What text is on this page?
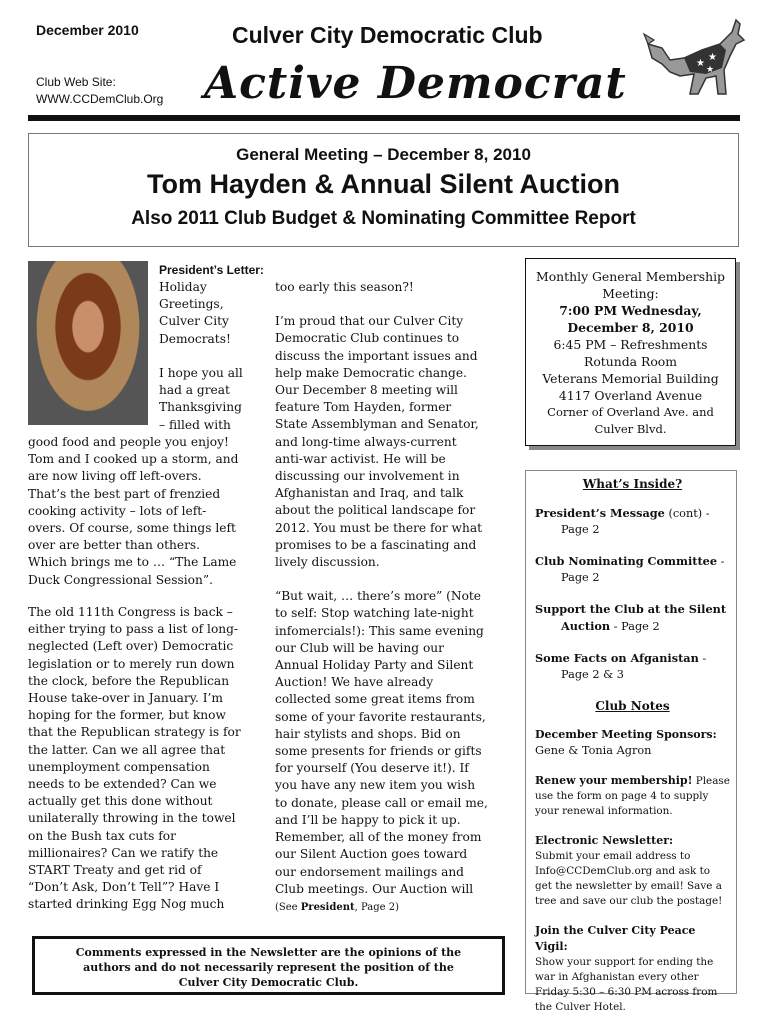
December 2010	Culver City Democratic Club
Club Web Site:
WWW.CCDemClub.Org Active Democrat	★
★
★
General Meeting – December 8, 2010
Tom Hayden & Annual Silent Auction
Also 2011 Club Budget & Nominating Committee Report
President’s Letter:
Holiday
Greetings,
Culver City
Democrats!

I hope you all
had a great
Thanksgiving
– filled with
good food and people you enjoy!
Tom and I cooked up a storm, and
are now living off left-overs.
That’s the best part of frenzied
cooking activity – lots of left-
overs. Of course, some things left
over are better than others.
Which brings me to … “The Lame
Duck Congressional Session”.
The old 111th Congress is back –
either trying to pass a list of long-
neglected (Left over) Democratic
legislation or to merely run down
the clock, before the Republican
House take-over in January. I’m
hoping for the former, but know
that the Republican strategy is for
the latter. Can we all agree that
unemployment compensation
needs to be extended? Can we
actually get this done without
unilaterally throwing in the towel
on the Bush tax cuts for
millionaires? Can we ratify the
START Treaty and get rid of
“Don’t Ask, Don’t Tell”? Have I
started drinking Egg Nog much

too early this season?!

I’m proud that our Culver City
Democratic Club continues to
discuss the important issues and
help make Democratic change.
Our December 8 meeting will
feature Tom Hayden, former
State Assemblyman and Senator,
and long-time always-current
anti-war activist. He will be
discussing our involvement in
Afghanistan and Iraq, and talk
about the political landscape for
2012. You must be there for what
promises to be a fascinating and
lively discussion.

“But wait, … there’s more” (Note
to self: Stop watching late-night
infomercials!): This same evening
our Club will be having our
Annual Holiday Party and Silent
Auction! We have already
collected some great items from
some of your favorite restaurants,
hair stylists and shops. Bid on
some presents for friends or gifts
for yourself (You deserve it!). If
you have any new item you wish
to donate, please call or email me,
and I’ll be happy to pick it up.
Remember, all of the money from
our Silent Auction goes toward
our endorsement mailings and
Club meetings. Our Auction will
(See President, Page 2)

Comments expressed in the Newsletter are the opinions of the
authors and do not necessarily represent the position of the
Culver City Democratic Club.
Monthly General Membership
Meeting:
7:00 PM Wednesday,
December 8, 2010
6:45 PM – Refreshments
Rotunda Room
Veterans Memorial Building
4117 Overland Avenue
Corner of Overland Ave. and
Culver Blvd.
What’s Inside?
President’s Message (cont) - Page 2
Club Nominating Committee - Page 2
Support the Club at the Silent Auction - Page 2
Some Facts on Afganistan - Page 2 & 3
Club Notes
December Meeting Sponsors:
Gene & Tonia Agron
Renew your membership! Please use the form on page 4 to supply your renewal information.
Electronic Newsletter:
Submit your email address to Info@CCDemClub.org and ask to get the newsletter by email! Save a tree and save our club the postage!
Join the Culver City Peace Vigil:
Show your support for ending the war in Afghanistan every other Friday 5:30 – 6:30 PM across from the Culver Hotel.
